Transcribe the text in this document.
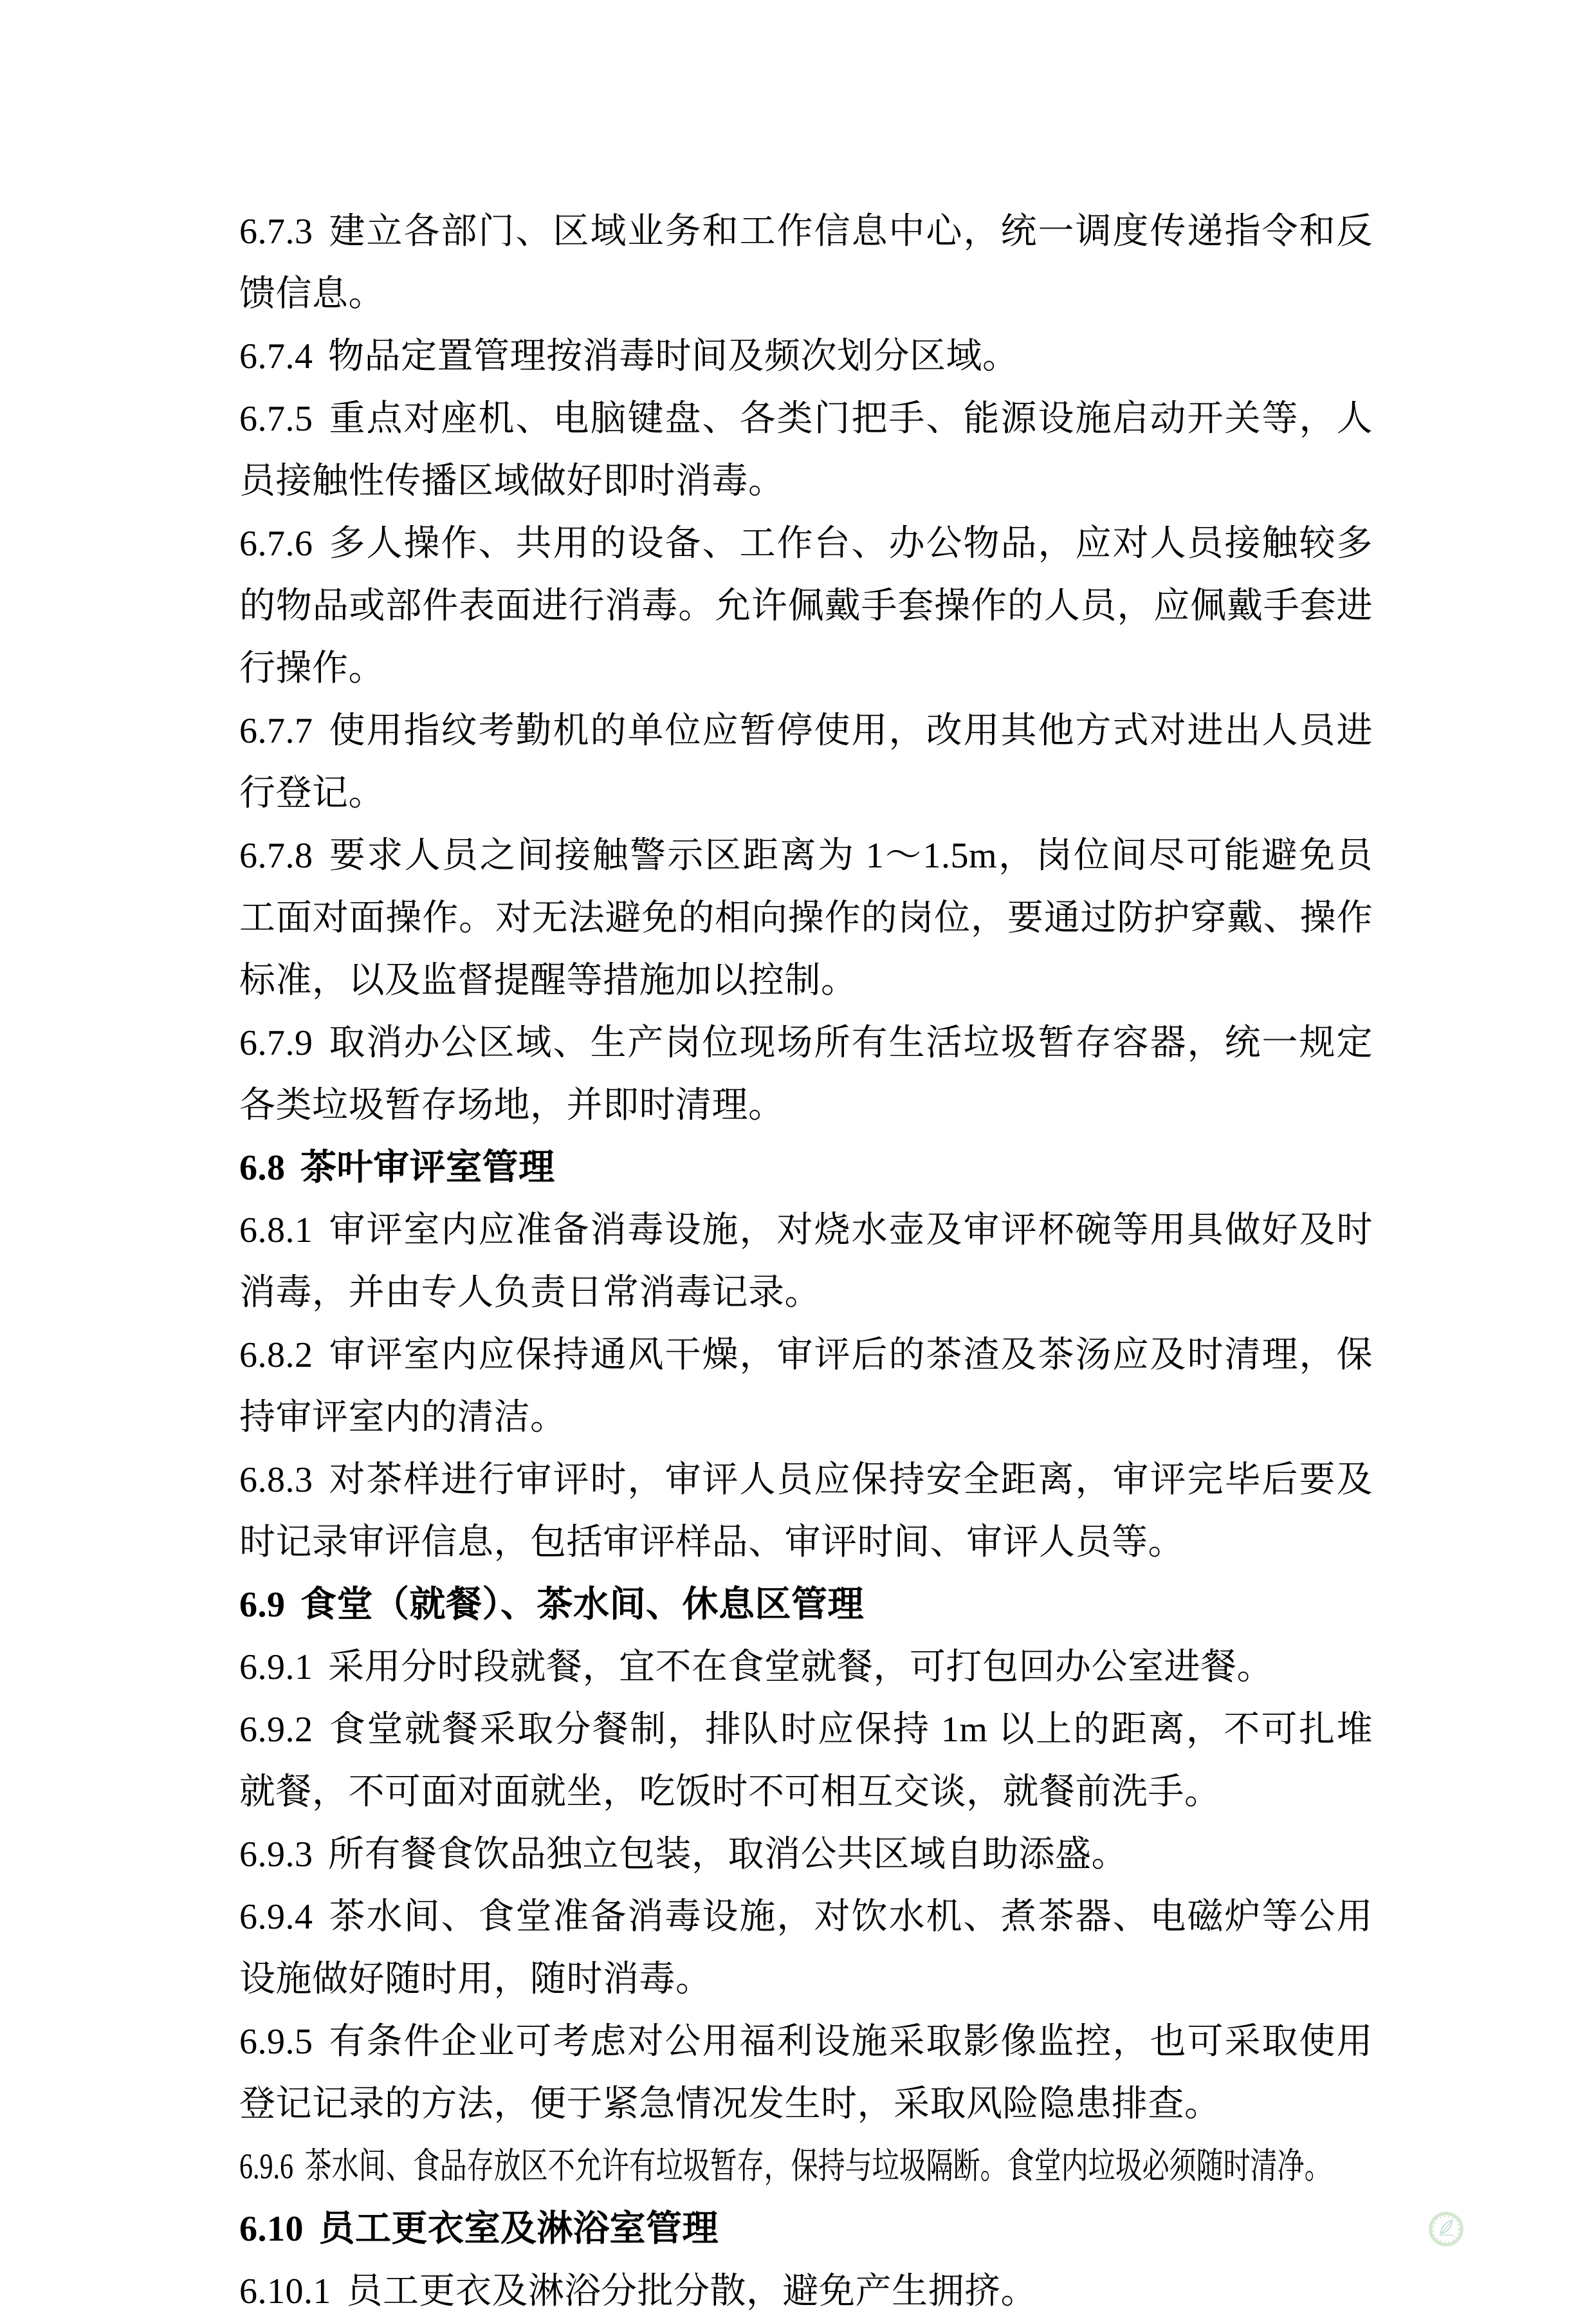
6.7.3 建立各部门、区域业务和工作信息中心，统一调度传递指令和反馈信息。

6.7.4 物品定置管理按消毒时间及频次划分区域。

6.7.5 重点对座机、电脑键盘、各类门把手、能源设施启动开关等，人员接触性传播区域做好即时消毒。

6.7.6 多人操作、共用的设备、工作台、办公物品，应对人员接触较多的物品或部件表面进行消毒。允许佩戴手套操作的人员，应佩戴手套进行操作。

6.7.7 使用指纹考勤机的单位应暂停使用，改用其他方式对进出人员进行登记。

6.7.8 要求人员之间接触警示区距离为 1～1.5m，岗位间尽可能避免员工面对面操作。对无法避免的相向操作的岗位，要通过防护穿戴、操作标准，以及监督提醒等措施加以控制。

6.7.9 取消办公区域、生产岗位现场所有生活垃圾暂存容器，统一规定各类垃圾暂存场地，并即时清理。

6.8 茶叶审评室管理

6.8.1 审评室内应准备消毒设施，对烧水壶及审评杯碗等用具做好及时消毒，并由专人负责日常消毒记录。

6.8.2 审评室内应保持通风干燥，审评后的茶渣及茶汤应及时清理，保持审评室内的清洁。

6.8.3 对茶样进行审评时，审评人员应保持安全距离，审评完毕后要及时记录审评信息，包括审评样品、审评时间、审评人员等。

6.9 食堂（就餐）、茶水间、休息区管理

6.9.1 采用分时段就餐，宜不在食堂就餐，可打包回办公室进餐。

6.9.2 食堂就餐采取分餐制，排队时应保持 1m 以上的距离，不可扎堆就餐，不可面对面就坐，吃饭时不可相互交谈，就餐前洗手。

6.9.3 所有餐食饮品独立包装，取消公共区域自助添盛。

6.9.4 茶水间、食堂准备消毒设施，对饮水机、煮茶器、电磁炉等公用设施做好随时用，随时消毒。

6.9.5 有条件企业可考虑对公用福利设施采取影像监控，也可采取使用登记记录的方法，便于紧急情况发生时，采取风险隐患排查。

6.9.6 茶水间、食品存放区不允许有垃圾暂存，保持与垃圾隔断。食堂内垃圾必须随时清净。

6.10 员工更衣室及淋浴室管理

6.10.1 员工更衣及淋浴分批分散，避免产生拥挤。
